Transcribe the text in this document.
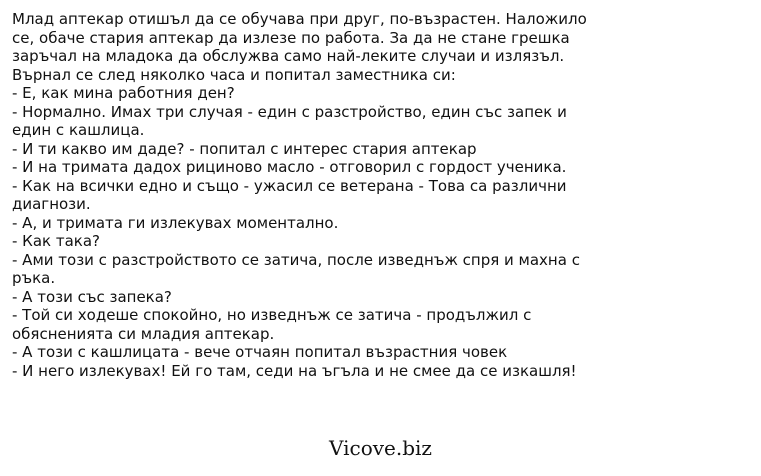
Млад аптекар отишъл да се обучава при друг, по-възрастен. Наложило
се, обаче стария аптекар да излезе по работа. За да не стане грешка
заръчал на младока да обслужва само най-леките случаи и излязъл.
Върнал се след няколко часа и попитал заместника си:
- Е, как мина работния ден?
- Нормално. Имах три случая - един с разстройство, един със запек и
един с кашлица.
- И ти какво им даде? - попитал с интерес стария аптекар
- И на тримата дадох рициново масло - отговорил с гордост ученика.
- Как на всички едно и също - ужасил се ветерана - Това са различни
диагнози.
- А, и тримата ги излекувах моментално.
- Как така?
- Ами този с разстройството се затича, после изведнъж спря и махна с
ръка.
- А този със запека?
- Той си ходеше спокойно, но изведнъж се затича - продължил с
обясненията си младия аптекар.
- А този с кашлицата - вече отчаян попитал възрастния човек
- И него излекувах! Ей го там, седи на ъгъла и не смее да се изкашля!
Vicove.biz
